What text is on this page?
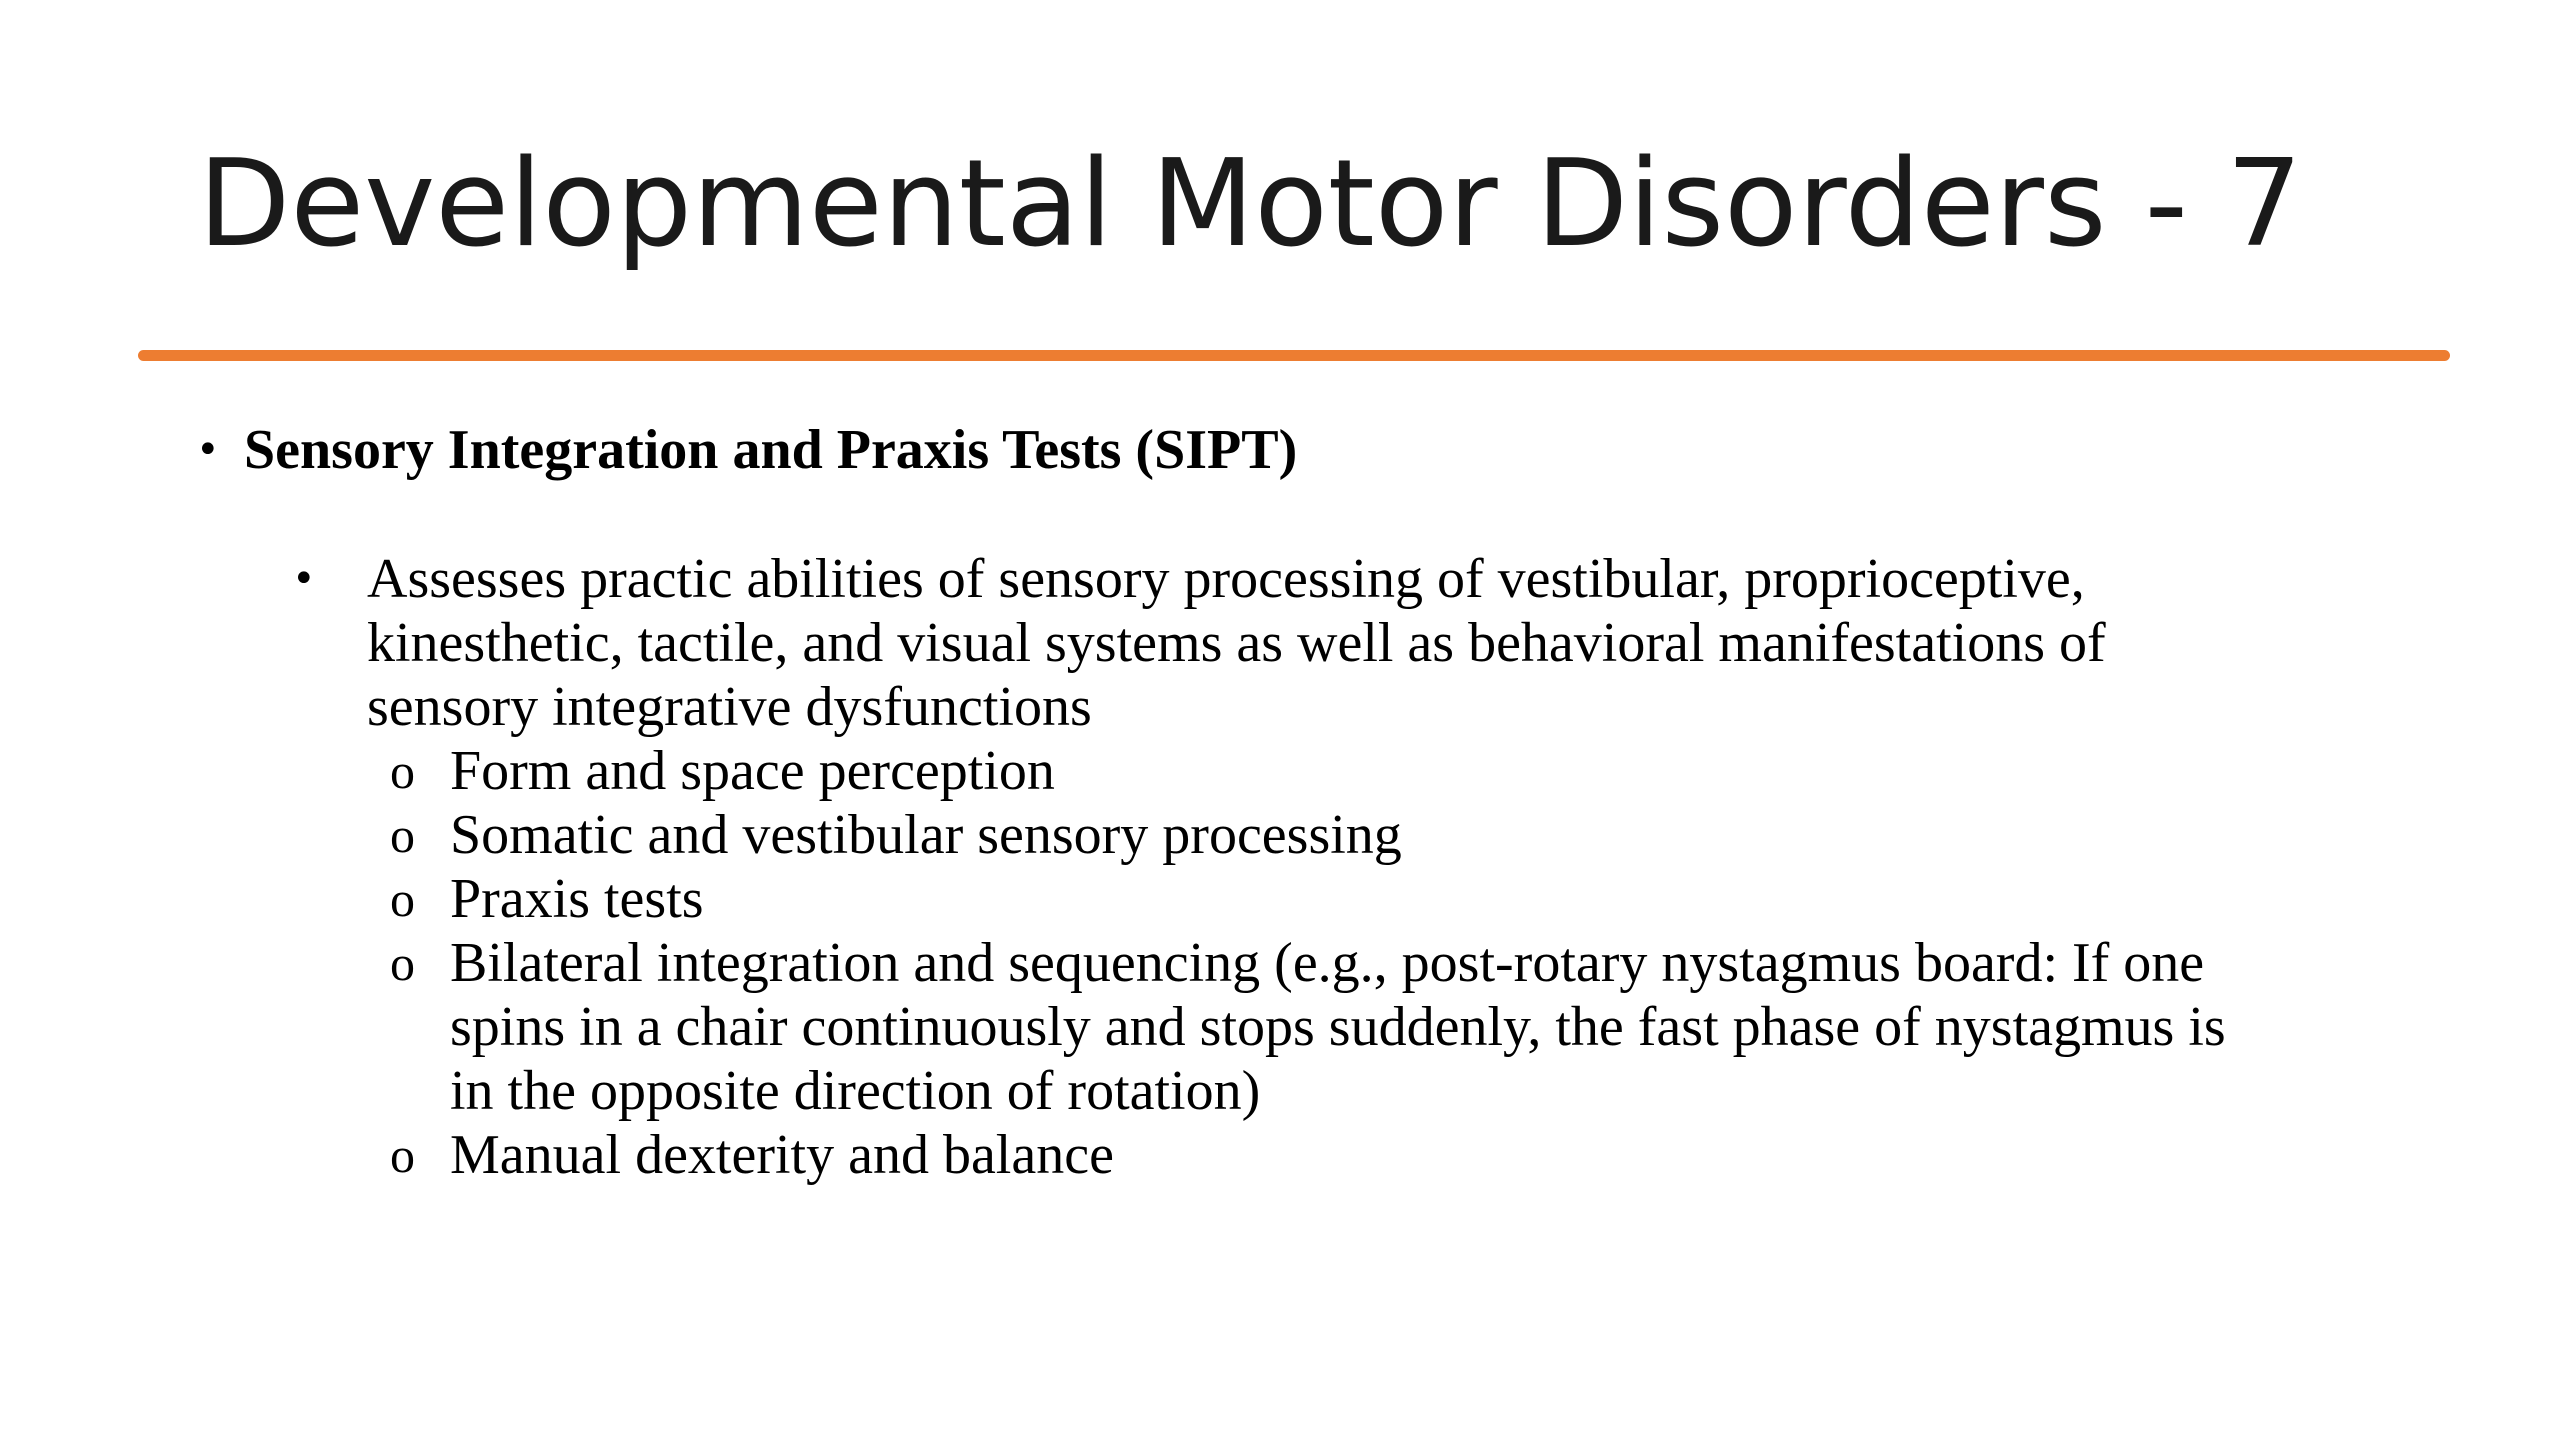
Developmental Motor Disorders - 7
• Sensory Integration and Praxis Tests (SIPT)
• Assesses practic abilities of sensory processing of vestibular, proprioceptive,
kinesthetic, tactile, and visual systems as well as behavioral manifestations of
sensory integrative dysfunctions
o Form and space perception
o Somatic and vestibular sensory processing
o Praxis tests
o Bilateral integration and sequencing (e.g., post-rotary nystagmus board: If one
spins in a chair continuously and stops suddenly, the fast phase of nystagmus is
in the opposite direction of rotation)
o Manual dexterity and balance
